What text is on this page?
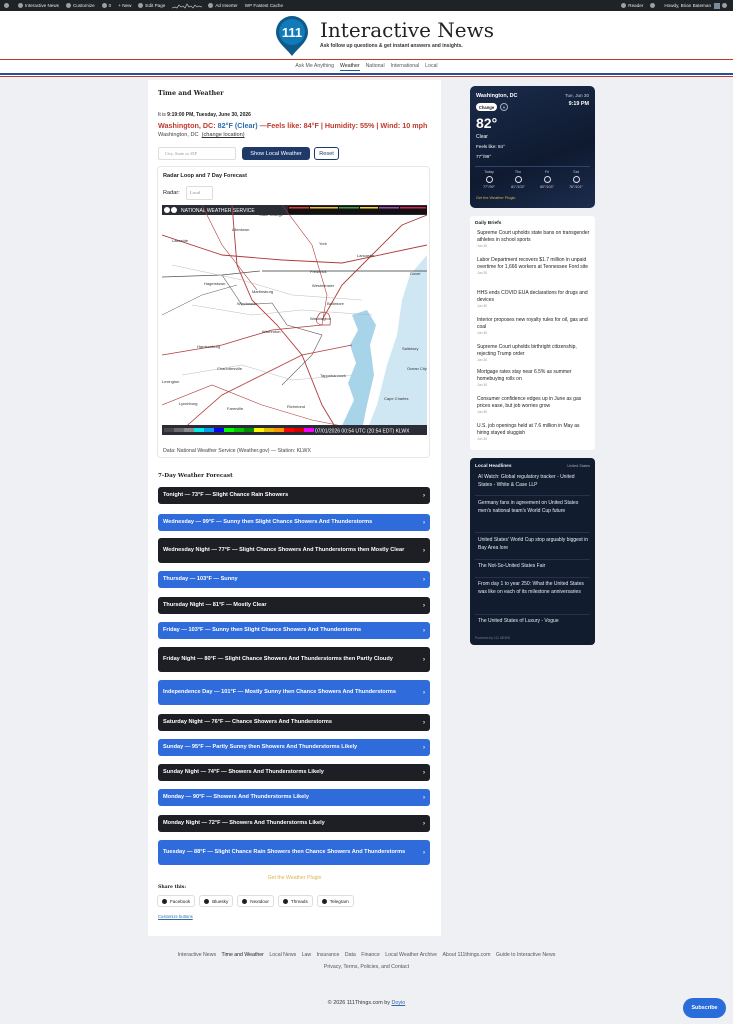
Interactive News	Customize	0 + New	Edit Page	Ad Inserter WP Fastest Cache	Reader	Howdy, Brian Bateman
111 Interactive News
Ask follow up questions & get instant answers and insights.
Ask Me Anything Weather National International Local
Time and Weather
It is 9:19:00 PM, Tuesday, June 30, 2026
Washington, DC: 82°F (Clear) —Feels like: 84°F | Humidity: 55% | Wind: 10 mph
Washington, DC (change location)
City, State or ZIP	Show Local Weather	Reset
Radar Loop and 7 Day Forecast
Radar:	Local
NATIONAL WEATHER SERVICE
State College
Allentown
Lakeside
Hagerstown
Lancaster
York
Westminster
Martinsburg
Frederick
Baltimore
Winchester
Warrenton
Harrisonburg
Charlottesville
Washington
Dover
Salisbury
Ocean City
Cape Charles
Lynchburg
Farmville	Richmond
Tappahannock
Lexington
07/01/2026 00:54 UTC (20:54 EDT) KLWX
Data: National Weather Service (Weather.gov) — Station: KLWX
7-Day Weather Forecast
Tonight — 73°F — Slight Chance Rain Showers	›
Wednesday — 99°F — Sunny then Slight Chance Showers And Thunderstorms	›
Wednesday Night — 77°F — Slight Chance Showers And Thunderstorms then Mostly Clear	›
Thursday — 103°F — Sunny	›
Thursday Night — 81°F — Mostly Clear	›
Friday — 103°F — Sunny then Slight Chance Showers And Thunderstorms	›
Friday Night — 80°F — Slight Chance Showers And Thunderstorms then Partly Cloudy	›
Independence Day — 101°F — Mostly Sunny then Chance Showers And Thunderstorms	›
Saturday Night — 76°F — Chance Showers And Thunderstorms	›
Sunday — 95°F — Partly Sunny then Showers And Thunderstorms Likely	›
Sunday Night — 74°F — Showers And Thunderstorms Likely	›
Monday — 90°F — Showers And Thunderstorms Likely	›
Monday Night — 72°F — Showers And Thunderstorms Likely	›
Tuesday — 88°F — Slight Chance Rain Showers then Chance Showers And Thunderstorms	›
Get the Weather Plugin
Share this:
Facebook	Bluesky	Nextdoor	Threads	Telegram
Customize buttons
Washington, DC	Tue, Jun 30
9:19 PM
Change	×
82°
Clear
Feels like: 84°
77°/99°
Today
77°/99°
Thu
81°/103°
Fri
80°/103°
Sat
76°/101°
Get the Weather Plugin
Daily Briefs
Supreme Court upholds state bans on transgender athletes in school sports
Jun 30
Labor Department recovers $1.7 million in unpaid overtime for 1,666 workers at Tennessee Ford site
Jun 29
HHS ends COVID EUA declarations for drugs and devices
Jun 30
Interior proposes new royalty rules for oil, gas and coal
Jun 30
Supreme Court upholds birthright citizenship, rejecting Trump order
Jun 30
Mortgage rates stay near 6.5% as summer homebuying rolls on
Jun 30
Consumer confidence edges up in June as gas prices ease, but job worries grow
Jun 30
U.S. job openings held at 7.6 million in May as hiring stayed sluggish
Jun 30
Local Headlines	United States
AI Watch: Global regulatory tracker - United States - White & Case LLP
Germany fans in agreement on United States men's national team's World Cup future
United States' World Cup stop arguably biggest in Bay Area lore
The Not-So-United States Fair
From day 1 to year 250: What the United States was like on each of its milestone anniversaries
The United States of Luxury - Vogue
Powered by 111 NEWS
Interactive News Time and Weather Local News Law Insurance Data Finance Local Weather Archive About 111things.com Guide to Interactive News
Privacy, Terms, Policies, and Contact
© 2026 111Things.com by Doyio
Subscribe
